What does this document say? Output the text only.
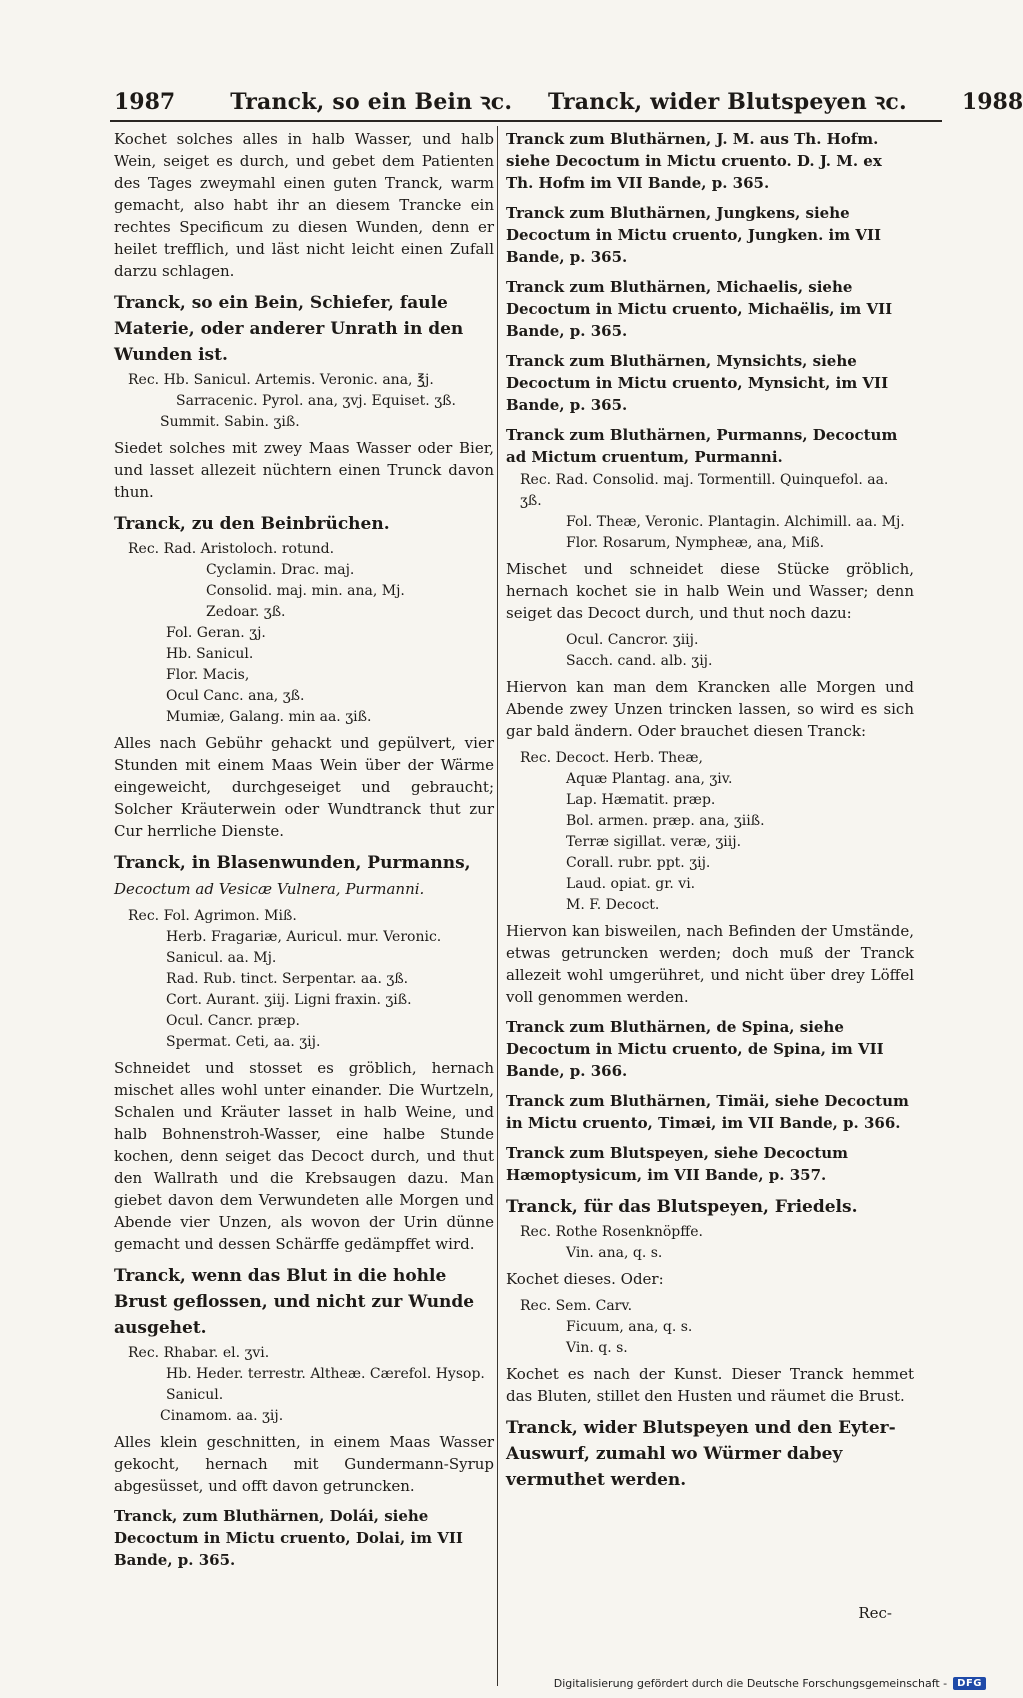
1987	Tranck, so ein Bein ꝛc. Tranck, wider Blutspeyen ꝛc.	1988
Kochet solches alles in halb Wasser, und halb Wein, seiget es durch, und gebet dem Patienten des Tages zweymahl einen guten Tranck, warm gemacht, also habt ihr an diesem Trancke ein rechtes Specificum zu diesen Wunden, denn er heilet trefflich, und läst nicht leicht einen Zufall darzu schlagen.
Tranck, so ein Bein, Schiefer, faule Materie, oder anderer Unrath in den Wunden ist.
Rec. Hb. Sanicul. Artemis. Veronic. ana, ℥j.
Sarracenic. Pyrol. ana, ʒvj. Equiset. ʒß.
Summit. Sabin. ʒiß.
Siedet solches mit zwey Maas Wasser oder Bier, und lasset allezeit nüchtern einen Trunck davon thun.
Tranck, zu den Beinbrüchen.
Rec. Rad. Aristoloch. rotund.
Cyclamin. Drac. maj.
Consolid. maj. min. ana, Mj.
Zedoar. ʒß.
Fol. Geran. ʒj.
Hb. Sanicul.
Flor. Macis,
Ocul Canc. ana, ʒß.
Mumiæ, Galang. min aa. ʒiß.
Alles nach Gebühr gehackt und gepülvert, vier Stunden mit einem Maas Wein über der Wärme eingeweicht, durchgeseiget und gebraucht; Solcher Kräuterwein oder Wundtranck thut zur Cur herrliche Dienste.
Tranck, in Blasenwunden, Purmanns,
Decoctum ad Vesicæ Vulnera, Purmanni.
Rec. Fol. Agrimon. Miß.
Herb. Fragariæ, Auricul. mur. Veronic. Sanicul. aa. Mj.
Rad. Rub. tinct. Serpentar. aa. ʒß.
Cort. Aurant. ʒiij. Ligni fraxin. ʒiß.
Ocul. Cancr. præp.
Spermat. Ceti, aa. ʒij.
Schneidet und stosset es gröblich, hernach mischet alles wohl unter einander. Die Wurtzeln, Schalen und Kräuter lasset in halb Weine, und halb Bohnenstroh-Wasser, eine halbe Stunde kochen, denn seiget das Decoct durch, und thut den Wallrath und die Krebsaugen dazu. Man giebet davon dem Verwundeten alle Morgen und Abende vier Unzen, als wovon der Urin dünne gemacht und dessen Schärffe gedämpffet wird.
Tranck, wenn das Blut in die hohle Brust geflossen, und nicht zur Wunde ausgehet.
Rec. Rhabar. el. ʒvi.
Hb. Heder. terrestr. Altheæ. Cærefol. Hysop. Sanicul.
Cinamom. aa. ʒij.
Alles klein geschnitten, in einem Maas Wasser gekocht, hernach mit Gundermann-Syrup abgesüsset, und offt davon getruncken.
Tranck, zum Bluthärnen, Dolái, siehe Decoctum in Mictu cruento, Dolai, im VII Bande, p. 365.
Tranck zum Bluthärnen, J. M. aus Th. Hofm. siehe Decoctum in Mictu cruento. D. J. M. ex Th. Hofm im VII Bande, p. 365.
Tranck zum Bluthärnen, Jungkens, siehe Decoctum in Mictu cruento, Jungken. im VII Bande, p. 365.
Tranck zum Bluthärnen, Michaelis, siehe Decoctum in Mictu cruento, Michaëlis, im VII Bande, p. 365.
Tranck zum Bluthärnen, Mynsichts, siehe Decoctum in Mictu cruento, Mynsicht, im VII Bande, p. 365.
Tranck zum Bluthärnen, Purmanns, Decoctum ad Mictum cruentum, Purmanni.
Rec. Rad. Consolid. maj. Tormentill. Quinquefol. aa. ʒß.
Fol. Theæ, Veronic. Plantagin. Alchimill. aa. Mj.
Flor. Rosarum, Nympheæ, ana, Miß.
Mischet und schneidet diese Stücke gröblich, hernach kochet sie in halb Wein und Wasser; denn seiget das Decoct durch, und thut noch dazu:
Ocul. Cancror. ʒiij.
Sacch. cand. alb. ʒij.
Hiervon kan man dem Krancken alle Morgen und Abende zwey Unzen trincken lassen, so wird es sich gar bald ändern. Oder brauchet diesen Tranck:
Rec. Decoct. Herb. Theæ,
Aquæ Plantag. ana, ʒiv.
Lap. Hæmatit. præp.
Bol. armen. præp. ana, ʒiiß.
Terræ sigillat. veræ, ʒiij.
Corall. rubr. ppt. ʒij.
Laud. opiat. gr. vi.
M. F. Decoct.
Hiervon kan bisweilen, nach Befinden der Umstände, etwas getruncken werden; doch muß der Tranck allezeit wohl umgerühret, und nicht über drey Löffel voll genommen werden.
Tranck zum Bluthärnen, de Spina, siehe Decoctum in Mictu cruento, de Spina, im VII Bande, p. 366.
Tranck zum Bluthärnen, Timäi, siehe Decoctum in Mictu cruento, Timæi, im VII Bande, p. 366.
Tranck zum Blutspeyen, siehe Decoctum Hæmoptysicum, im VII Bande, p. 357.
Tranck, für das Blutspeyen, Friedels.
Rec. Rothe Rosenknöpffe.
Vin. ana, q. s.
Kochet dieses. Oder:
Rec. Sem. Carv.
Ficuum, ana, q. s.
Vin. q. s.
Kochet es nach der Kunst. Dieser Tranck hemmet das Bluten, stillet den Husten und räumet die Brust.
Tranck, wider Blutspeyen und den Eyter-Auswurf, zumahl wo Würmer dabey vermuthet werden.
Rec-
Digitalisierung gefördert durch die Deutsche Forschungsgemeinschaft -	DFG
